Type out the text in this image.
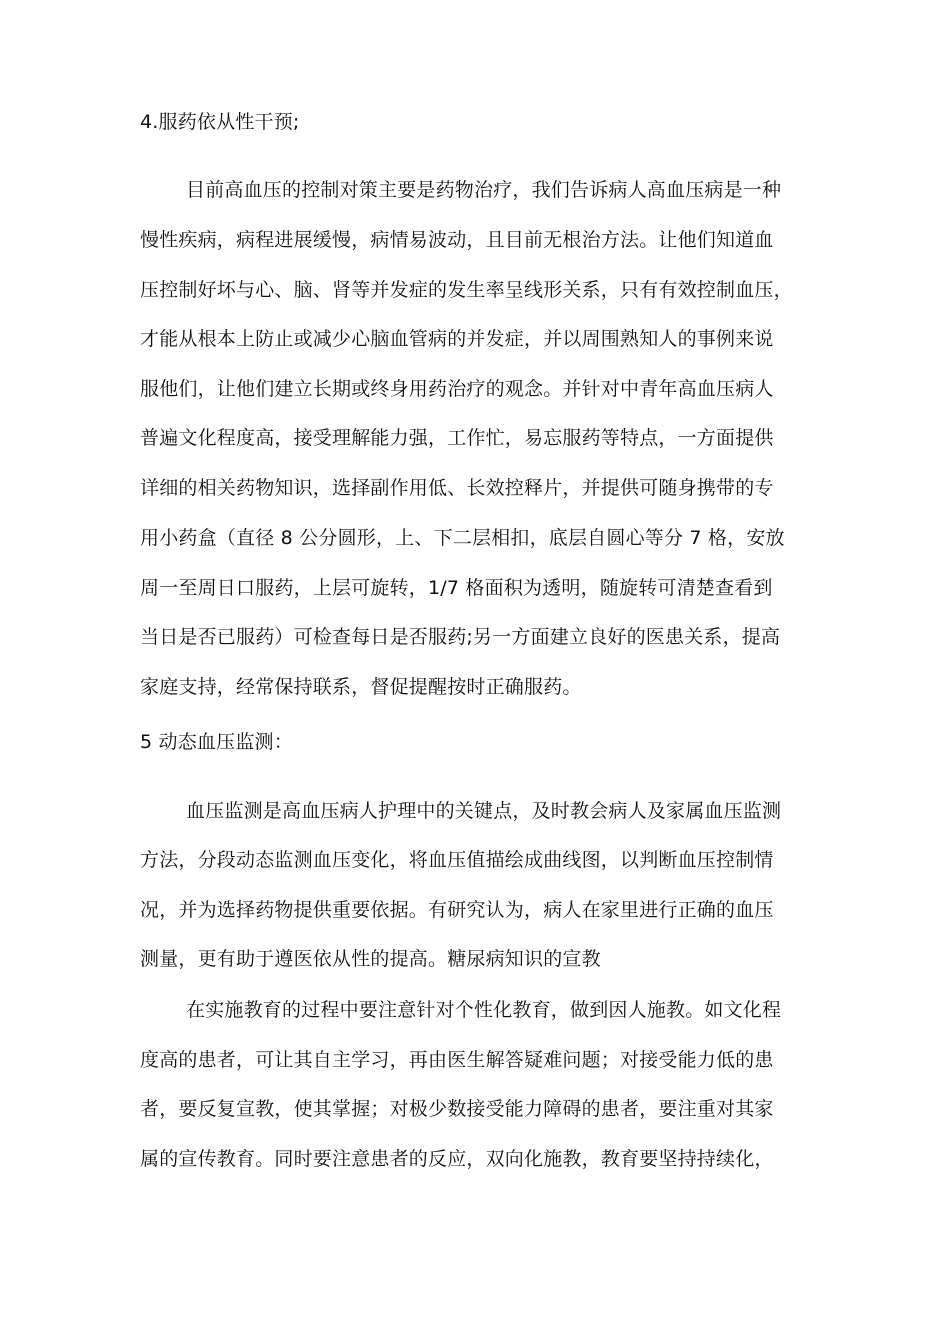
4.服药依从性干预;
目前高血压的控制对策主要是药物治疗，我们告诉病人高血压病是一种
慢性疾病，病程进展缓慢，病情易波动，且目前无根治方法。让他们知道血
压控制好坏与心、脑、肾等并发症的发生率呈线形关系，只有有效控制血压，
才能从根本上防止或减少心脑血管病的并发症，并以周围熟知人的事例来说
服他们，让他们建立长期或终身用药治疗的观念。并针对中青年高血压病人
普遍文化程度高，接受理解能力强，工作忙，易忘服药等特点，一方面提供
详细的相关药物知识，选择副作用低、长效控释片，并提供可随身携带的专
用小药盒（直径 8 公分圆形，上、下二层相扣，底层自圆心等分 7 格，安放
周一至周日口服药，上层可旋转，1/7 格面积为透明，随旋转可清楚查看到
当日是否已服药）可检查每日是否服药;另一方面建立良好的医患关系，提高
家庭支持，经常保持联系，督促提醒按时正确服药。
5 动态血压监测：
血压监测是高血压病人护理中的关键点，及时教会病人及家属血压监测
方法，分段动态监测血压变化，将血压值描绘成曲线图，以判断血压控制情
况，并为选择药物提供重要依据。有研究认为，病人在家里进行正确的血压
测量，更有助于遵医依从性的提高。糖尿病知识的宣教
在实施教育的过程中要注意针对个性化教育，做到因人施教。如文化程
度高的患者，可让其自主学习，再由医生解答疑难问题；对接受能力低的患
者，要反复宣教，使其掌握；对极少数接受能力障碍的患者，要注重对其家
属的宣传教育。同时要注意患者的反应，双向化施教，教育要坚持持续化，
